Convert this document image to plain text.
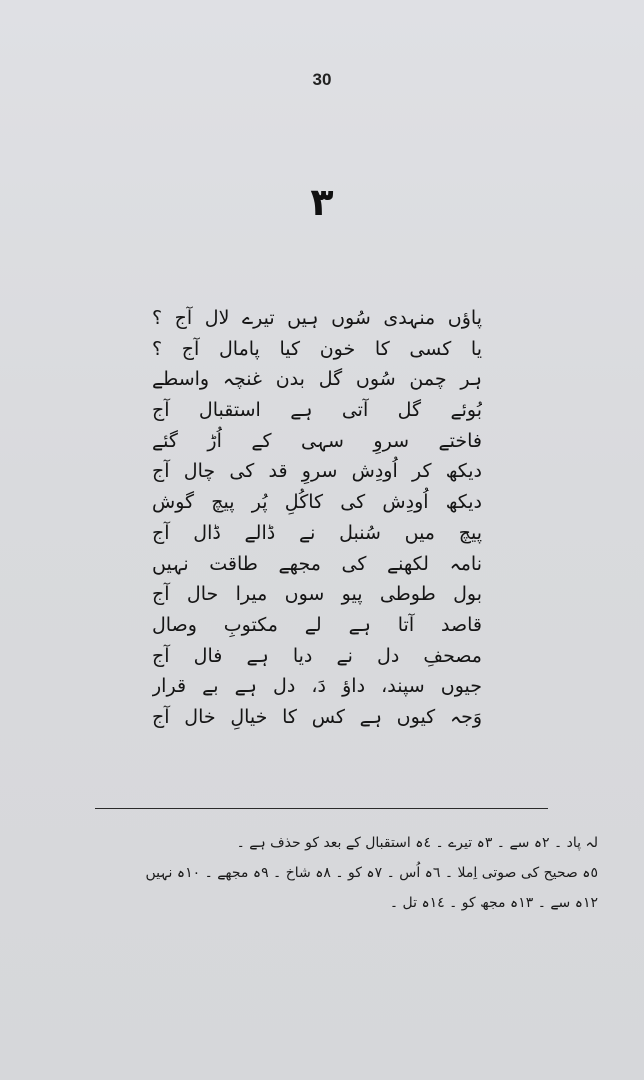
30
۳
پاؤں منہدی سُوں ہیں تیرے لال آج ؟
یا کسی کا خون کیا پامال آج ؟
ہر چمن سُوں گل بدن غنچہ واسطے
بُوئے گل آتی ہے استقبال آج
فاختے سروِ سہی کے اُڑ گئے
دیکھ کر اُودِش سروِ قد کی چال آج
دیکھ اُودِش کی کاکُلِ پُر پیچ گوش
پیچ میں سُنبل نے ڈالے ڈال آج
نامہ لکھنے کی مجھے طاقت نہیں
بول طوطی پیو سوں میرا حال آج
قاصد آتا ہے لے مکتوبِ وصال
مصحفِ دل نے دیا ہے فال آج
جیوں سپند، داؤ دَ، دل ہے بے قرار
وَجہ کیوں ہے کس کا خیالِ خال آج
لہ پاد ۔ ٢ہ سے ۔ ٣ہ تیرے ۔ ٤ہ استقبال کے بعد کو حذف ہے ۔
٥ہ صحیح کی صوتی اِملا ۔ ٦ہ اُس ۔ ٧ہ کو ۔ ٨ہ شاخ ۔ ٩ہ مجھے ۔ ١٠ہ نہیں
١٢ہ سے ۔ ١٣ہ مجھ کو ۔ ١٤ہ تل ۔
